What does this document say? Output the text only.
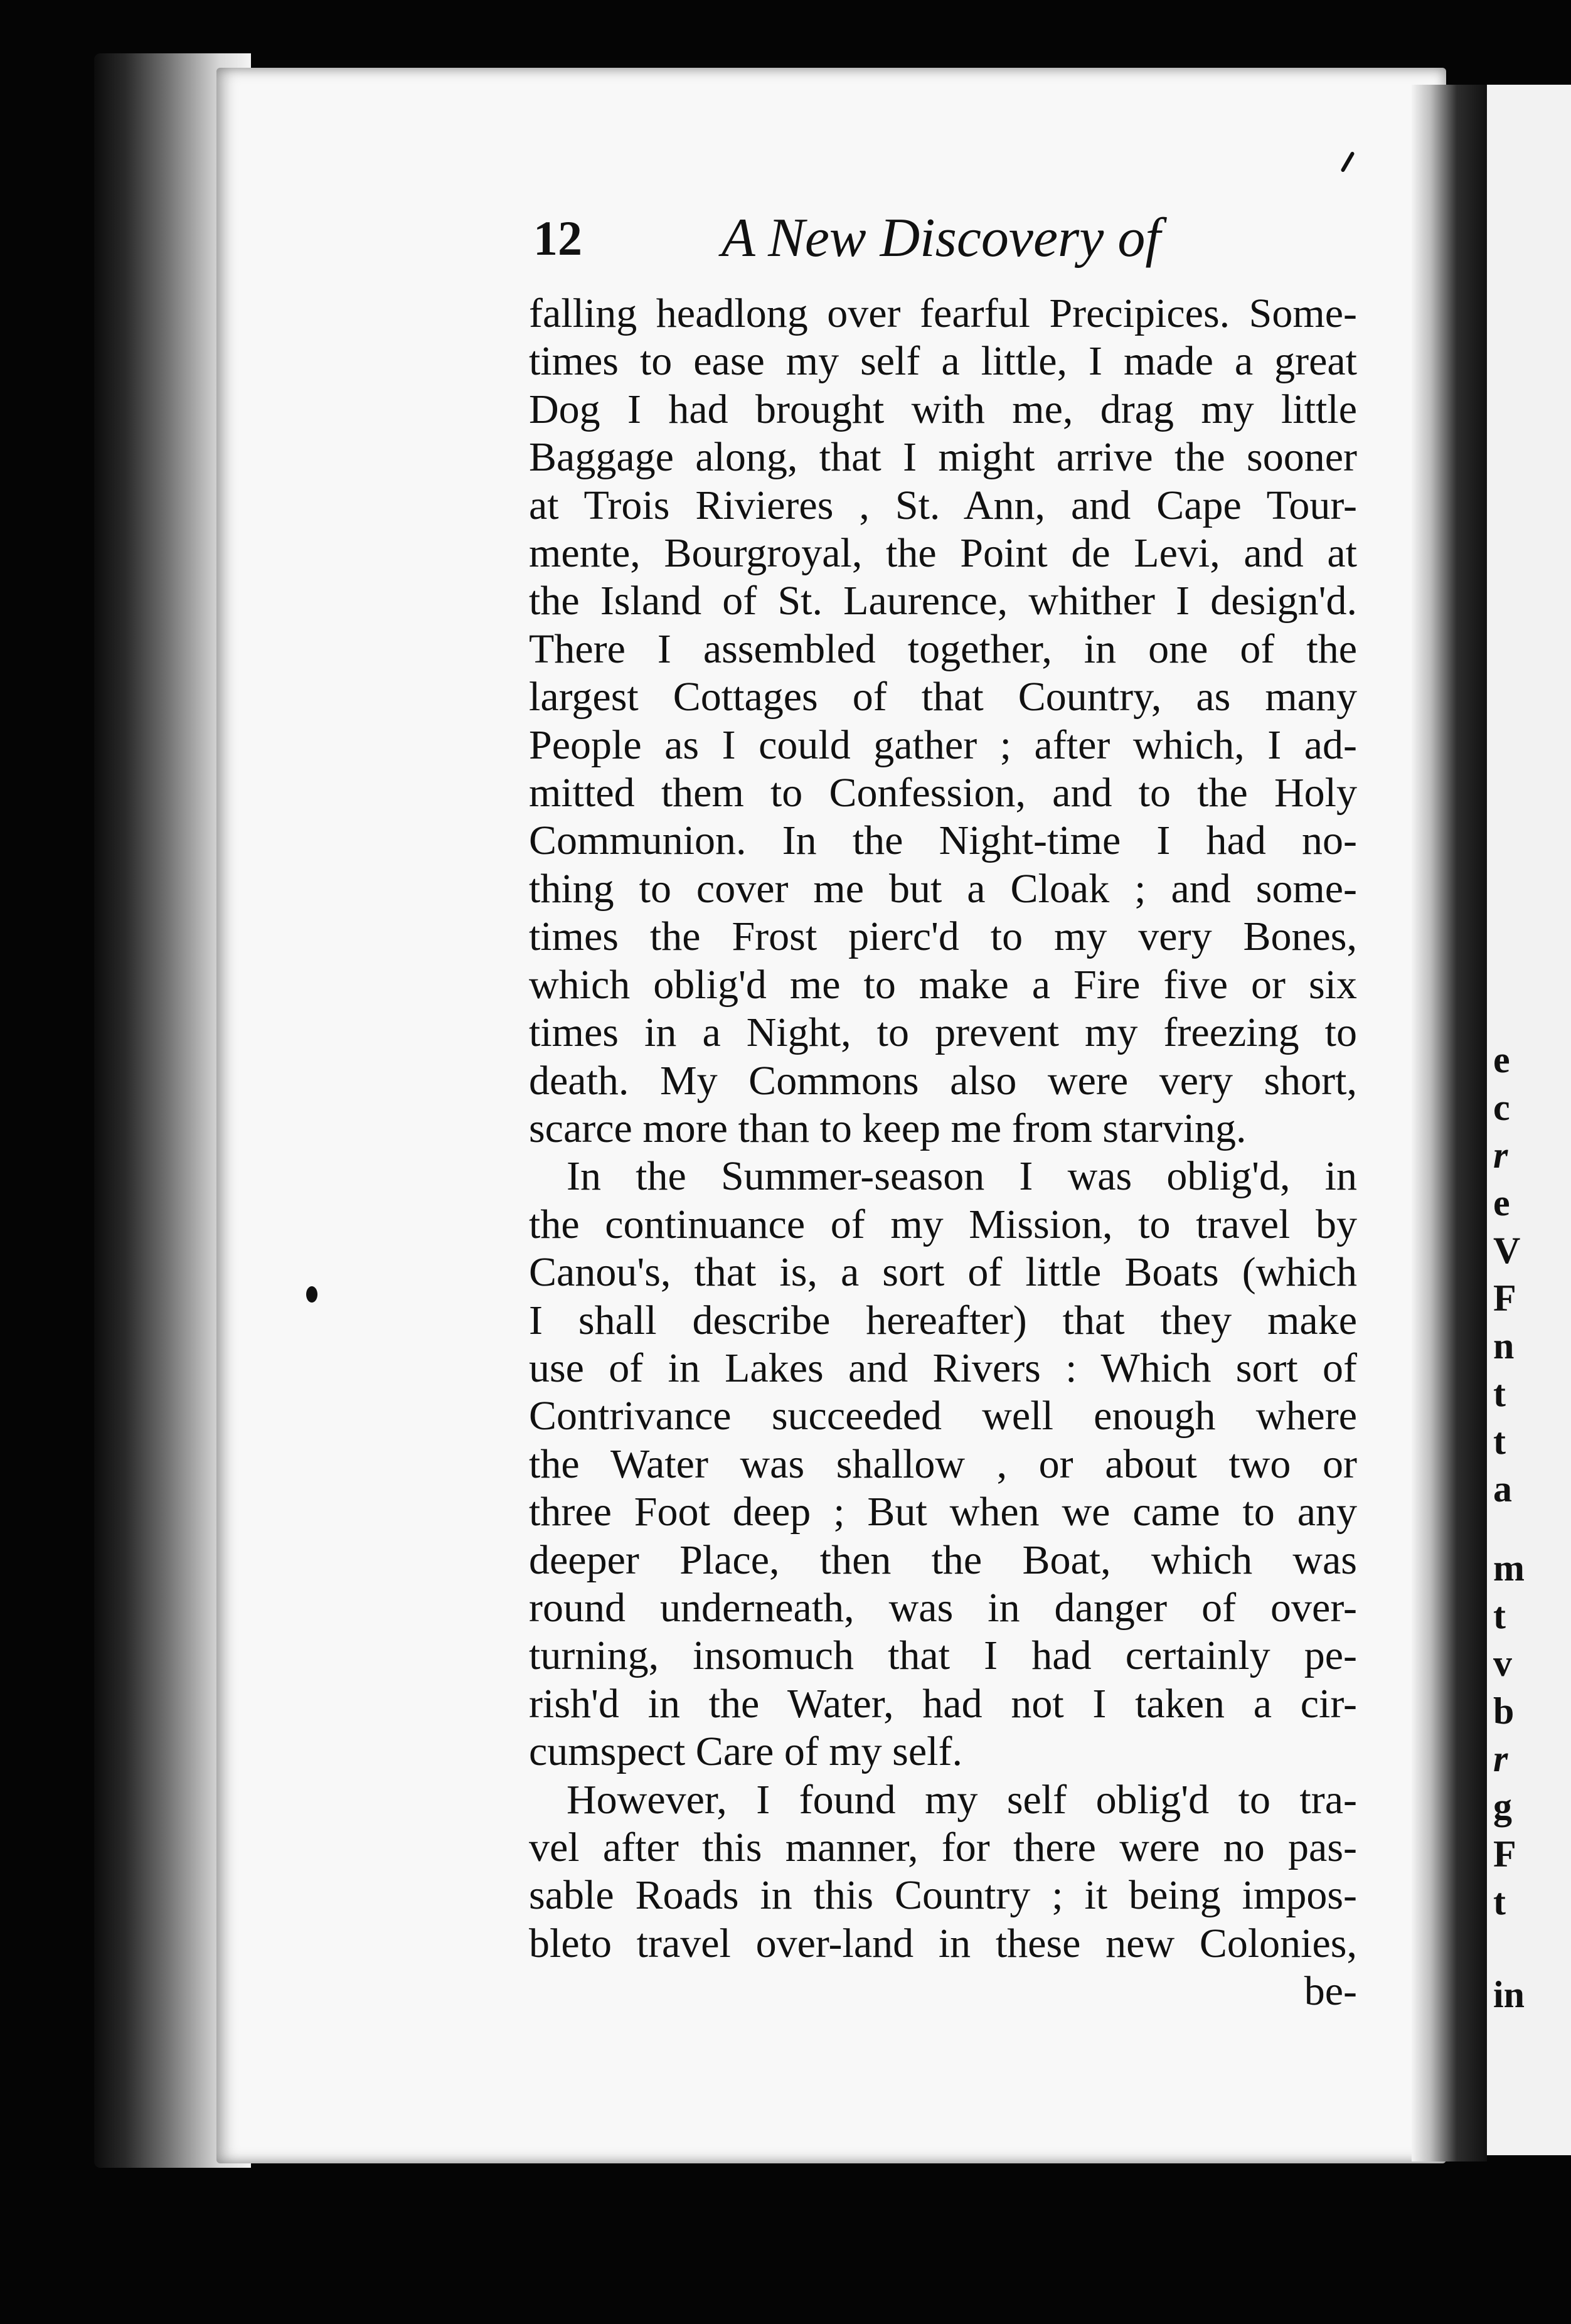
e
c
r
e
V
F
n
t
t
a
m
t
v
b
r
g
F
t
in
12	A New Discovery of
falling headlong over fearful Precipices. Some-
times to ease my self a little, I made a great
Dog I had brought with me, drag my little
Baggage along, that I might arrive the sooner
at Trois Rivieres , St. Ann, and Cape Tour-
mente, Bourgroyal, the Point de Levi, and at
the Island of St. Laurence, whither I design'd.
There I assembled together, in one of the
largest Cottages of that Country, as many
People as I could gather ; after which, I ad-
mitted them to Confession, and to the Holy
Communion. In the Night-time I had no-
thing to cover me but a Cloak ; and some-
times the Frost pierc'd to my very Bones,
which oblig'd me to make a Fire five or six
times in a Night, to prevent my freezing to
death. My Commons also were very short,
scarce more than to keep me from starving.
In the Summer-season I was oblig'd, in
the continuance of my Mission, to travel by
Canou's, that is, a sort of little Boats (which
I shall describe hereafter) that they make
use of in Lakes and Rivers : Which sort of
Contrivance succeeded well enough where
the Water was shallow , or about two or
three Foot deep ; But when we came to any
deeper Place, then the Boat, which was
round underneath, was in danger of over-
turning, insomuch that I had certainly pe-
rish'd in the Water, had not I taken a cir-
cumspect Care of my self.
However, I found my self oblig'd to tra-
vel after this manner, for there were no pas-
sable Roads in this Country ; it being impos-
bleto travel over-land in these new Colonies,
be-
